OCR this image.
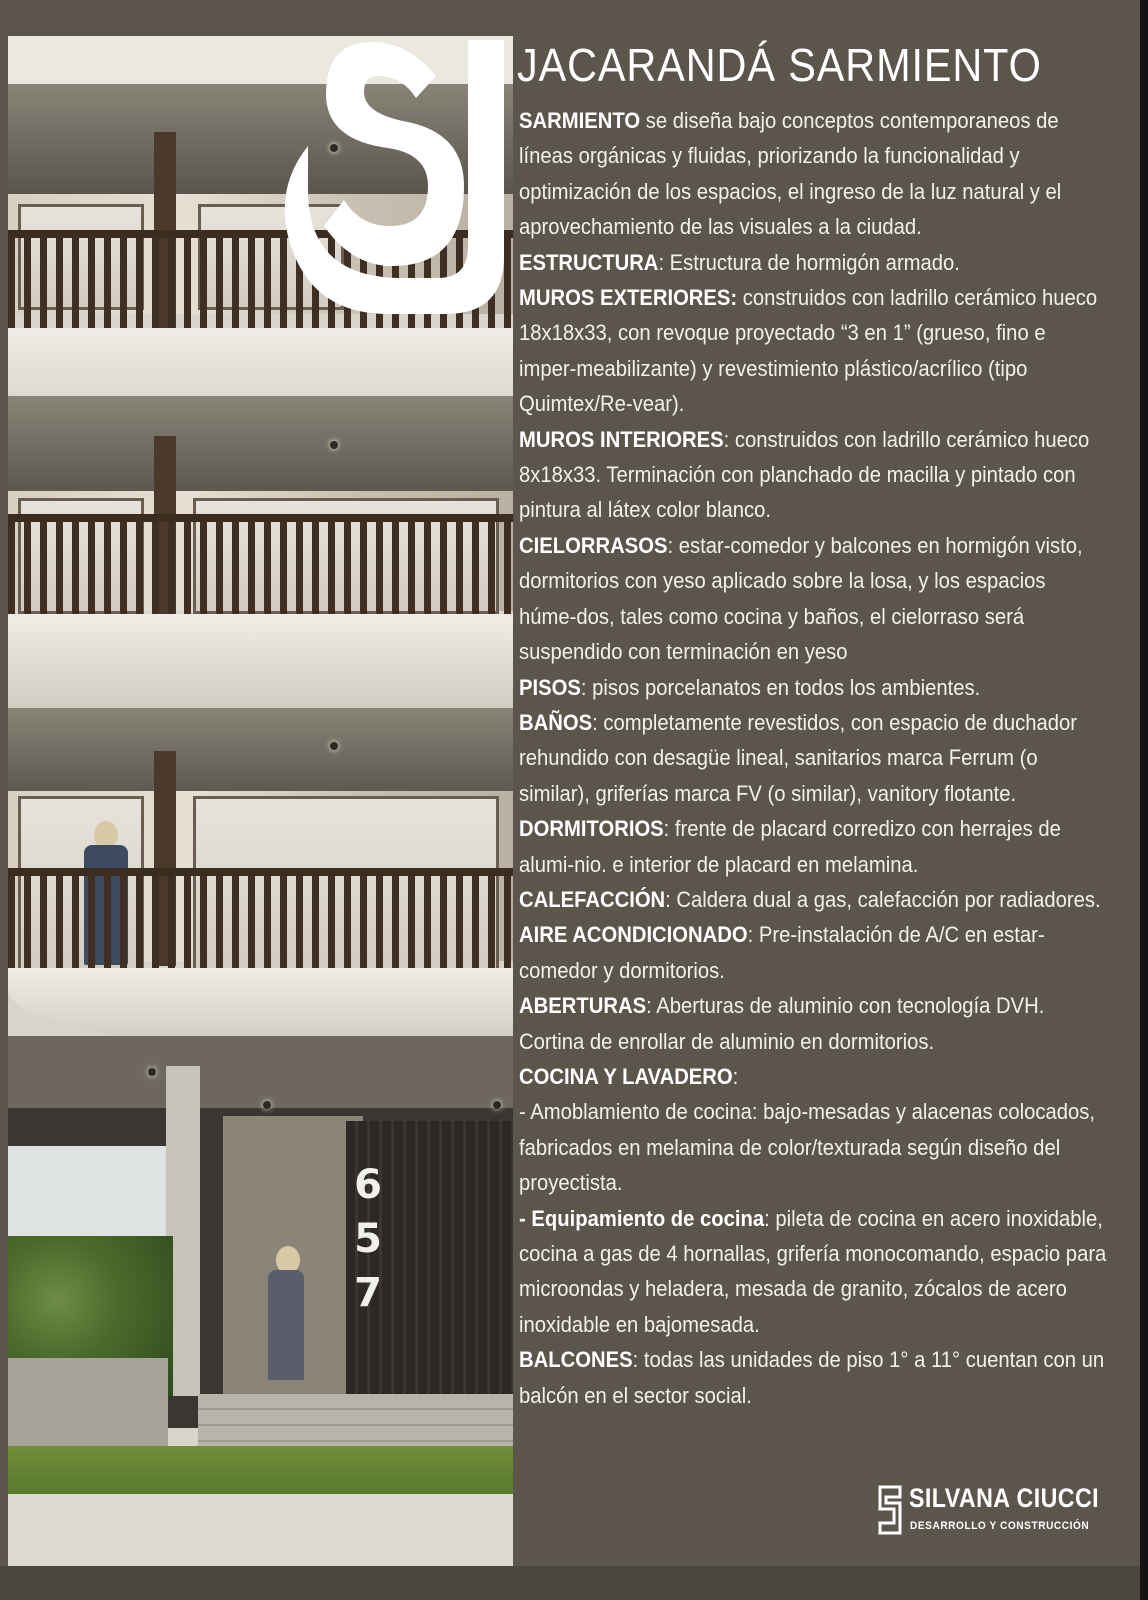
6
5
7
JACARANDÁ SARMIENTO

SARMIENTO se diseña bajo conceptos contemporaneos de líneas orgánicas y fluidas, priorizando la funcionalidad y optimización de los espacios, el ingreso de la luz natural y el aprovechamiento de las visuales a la ciudad.

ESTRUCTURA: Estructura de hormigón armado.

MUROS EXTERIORES: construidos con ladrillo cerámico hueco 18x18x33, con revoque proyectado “3 en 1” (grueso, fino e imper-meabilizante) y revestimiento plástico/acrílico (tipo Quimtex/Re-vear).

MUROS INTERIORES: construidos con ladrillo cerámico hueco 8x18x33. Terminación con planchado de macilla y pintado con pintura al látex color blanco.

CIELORRASOS: estar-comedor y balcones en hormigón visto, dormitorios con yeso aplicado sobre la losa, y los espacios húme-dos, tales como cocina y baños, el cielorraso será suspendido con terminación en yeso

PISOS: pisos porcelanatos en todos los ambientes.

BAÑOS: completamente revestidos, con espacio de duchador rehundido con desagüe lineal, sanitarios marca Ferrum (o similar), griferías marca FV (o similar), vanitory flotante.

DORMITORIOS: frente de placard corredizo con herrajes de alumi-nio. e interior de placard en melamina.

CALEFACCIÓN: Caldera dual a gas, calefacción por radiadores.

AIRE ACONDICIONADO: Pre-instalación de A/C en estar-comedor y dormitorios.

ABERTURAS: Aberturas de aluminio con tecnología DVH. Cortina de enrollar de aluminio en dormitorios.

COCINA Y LAVADERO:

- Amoblamiento de cocina: bajo-mesadas y alacenas colocados, fabricados en melamina de color/texturada según diseño del proyectista.

- Equipamiento de cocina: pileta de cocina en acero inoxidable, cocina a gas de 4 hornallas, grifería monocomando, espacio para microondas y heladera, mesada de granito, zócalos de acero inoxidable en bajomesada.

BALCONES: todas las unidades de piso 1° a 11° cuentan con un balcón en el sector social.

SILVANA CIUCCI
DESARROLLO Y CONSTRUCCIÓN
